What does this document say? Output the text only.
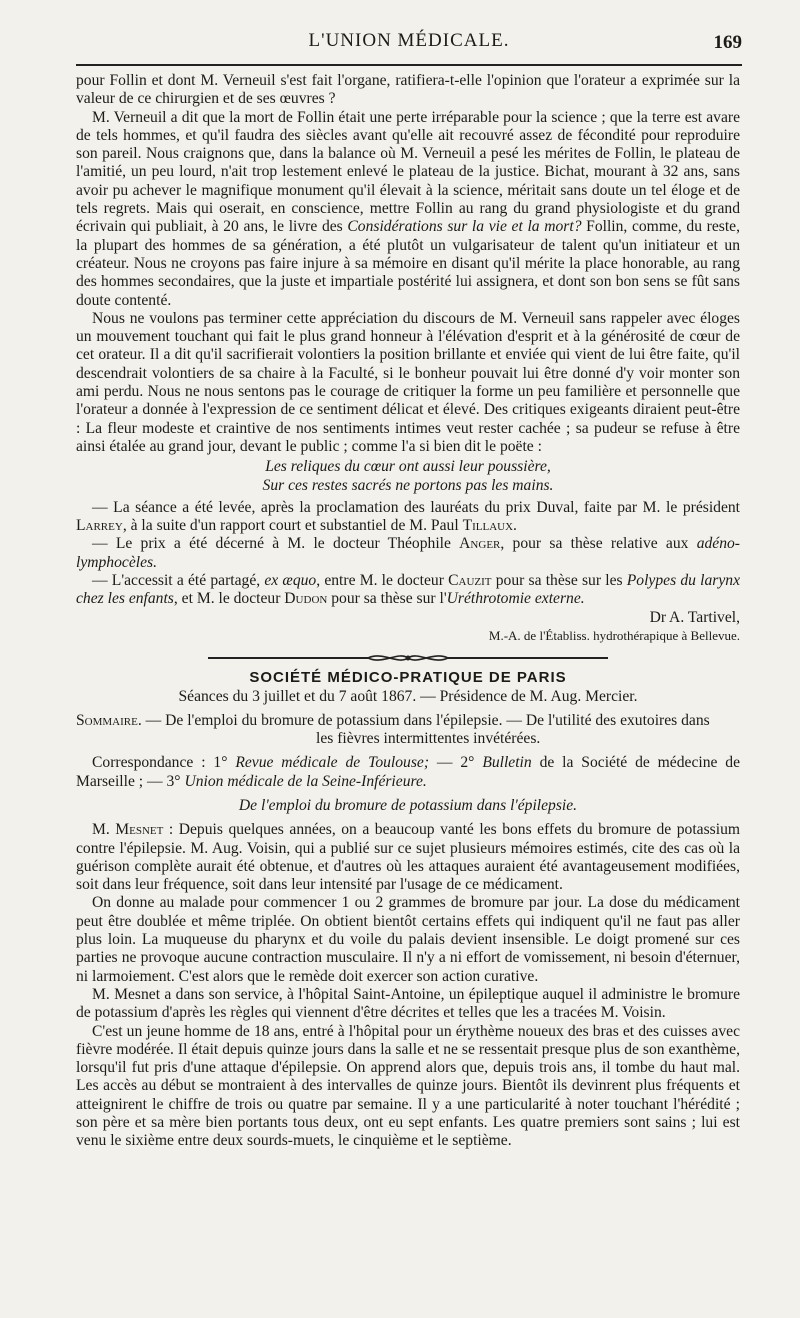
L'UNION MÉDICALE.	169

pour Follin et dont M. Verneuil s'est fait l'organe, ratifiera-t-elle l'opinion que l'orateur a exprimée sur la valeur de ce chirurgien et de ses œuvres ?

M. Verneuil a dit que la mort de Follin était une perte irréparable pour la science ; que la terre est avare de tels hommes, et qu'il faudra des siècles avant qu'elle ait recouvré assez de fécondité pour reproduire son pareil. Nous craignons que, dans la balance où M. Verneuil a pesé les mérites de Follin, le plateau de l'amitié, un peu lourd, n'ait trop lestement enlevé le plateau de la justice. Bichat, mourant à 32 ans, sans avoir pu achever le magnifique monument qu'il élevait à la science, méritait sans doute un tel éloge et de tels regrets. Mais qui oserait, en conscience, mettre Follin au rang du grand physiologiste et du grand écrivain qui publiait, à 20 ans, le livre des Considérations sur la vie et la mort? Follin, comme, du reste, la plupart des hommes de sa génération, a été plutôt un vulgarisateur de talent qu'un initiateur et un créateur. Nous ne croyons pas faire injure à sa mémoire en disant qu'il mérite la place honorable, au rang des hommes secondaires, que la juste et impartiale postérité lui assignera, et dont son bon sens se fût sans doute contenté.

Nous ne voulons pas terminer cette appréciation du discours de M. Verneuil sans rappeler avec éloges un mouvement touchant qui fait le plus grand honneur à l'élévation d'esprit et à la générosité de cœur de cet orateur. Il a dit qu'il sacrifierait volontiers la position brillante et enviée qui vient de lui être faite, qu'il descendrait volontiers de sa chaire à la Faculté, si le bonheur pouvait lui être donné d'y voir monter son ami perdu. Nous ne nous sentons pas le courage de critiquer la forme un peu familière et personnelle que l'orateur a donnée à l'expression de ce sentiment délicat et élevé. Des critiques exigeants diraient peut-être : La fleur modeste et craintive de nos sentiments intimes veut rester cachée ; sa pudeur se refuse à être ainsi étalée au grand jour, devant le public ; comme l'a si bien dit le poëte :

Les reliques du cœur ont aussi leur poussière,
Sur ces restes sacrés ne portons pas les mains.

— La séance a été levée, après la proclamation des lauréats du prix Duval, faite par M. le président Larrey, à la suite d'un rapport court et substantiel de M. Paul Tillaux.

— Le prix a été décerné à M. le docteur Théophile Anger, pour sa thèse relative aux adéno-lymphocèles.

— L'accessit a été partagé, ex æquo, entre M. le docteur Cauzit pour sa thèse sur les Polypes du larynx chez les enfants, et M. le docteur Dudon pour sa thèse sur l'Uréthrotomie externe.

Dr A. Tartivel,

M.-A. de l'Établiss. hydrothérapique à Bellevue.

SOCIÉTÉ MÉDICO-PRATIQUE DE PARIS

Séances du 3 juillet et du 7 août 1867. — Présidence de M. Aug. Mercier.

Sommaire. — De l'emploi du bromure de potassium dans l'épilepsie. — De l'utilité des exutoires dans
les fièvres intermittentes invétérées.

Correspondance : 1° Revue médicale de Toulouse; — 2° Bulletin de la Société de médecine de Marseille ; — 3° Union médicale de la Seine-Inférieure.

De l'emploi du bromure de potassium dans l'épilepsie.

M. Mesnet : Depuis quelques années, on a beaucoup vanté les bons effets du bromure de potassium contre l'épilepsie. M. Aug. Voisin, qui a publié sur ce sujet plusieurs mémoires estimés, cite des cas où la guérison complète aurait été obtenue, et d'autres où les attaques auraient été avantageusement modifiées, soit dans leur fréquence, soit dans leur intensité par l'usage de ce médicament.

On donne au malade pour commencer 1 ou 2 grammes de bromure par jour. La dose du médicament peut être doublée et même triplée. On obtient bientôt certains effets qui indiquent qu'il ne faut pas aller plus loin. La muqueuse du pharynx et du voile du palais devient insensible. Le doigt promené sur ces parties ne provoque aucune contraction musculaire. Il n'y a ni effort de vomissement, ni besoin d'éternuer, ni larmoiement. C'est alors que le remède doit exercer son action curative.

M. Mesnet a dans son service, à l'hôpital Saint-Antoine, un épileptique auquel il administre le bromure de potassium d'après les règles qui viennent d'être décrites et telles que les a tracées M. Voisin.

C'est un jeune homme de 18 ans, entré à l'hôpital pour un érythème noueux des bras et des cuisses avec fièvre modérée. Il était depuis quinze jours dans la salle et ne se ressentait presque plus de son exanthème, lorsqu'il fut pris d'une attaque d'épilepsie. On apprend alors que, depuis trois ans, il tombe du haut mal. Les accès au début se montraient à des intervalles de quinze jours. Bientôt ils devinrent plus fréquents et atteignirent le chiffre de trois ou quatre par semaine. Il y a une particularité à noter touchant l'hérédité ; son père et sa mère bien portants tous deux, ont eu sept enfants. Les quatre premiers sont sains ; lui est venu le sixième entre deux sourds-muets, le cinquième et le septième.
